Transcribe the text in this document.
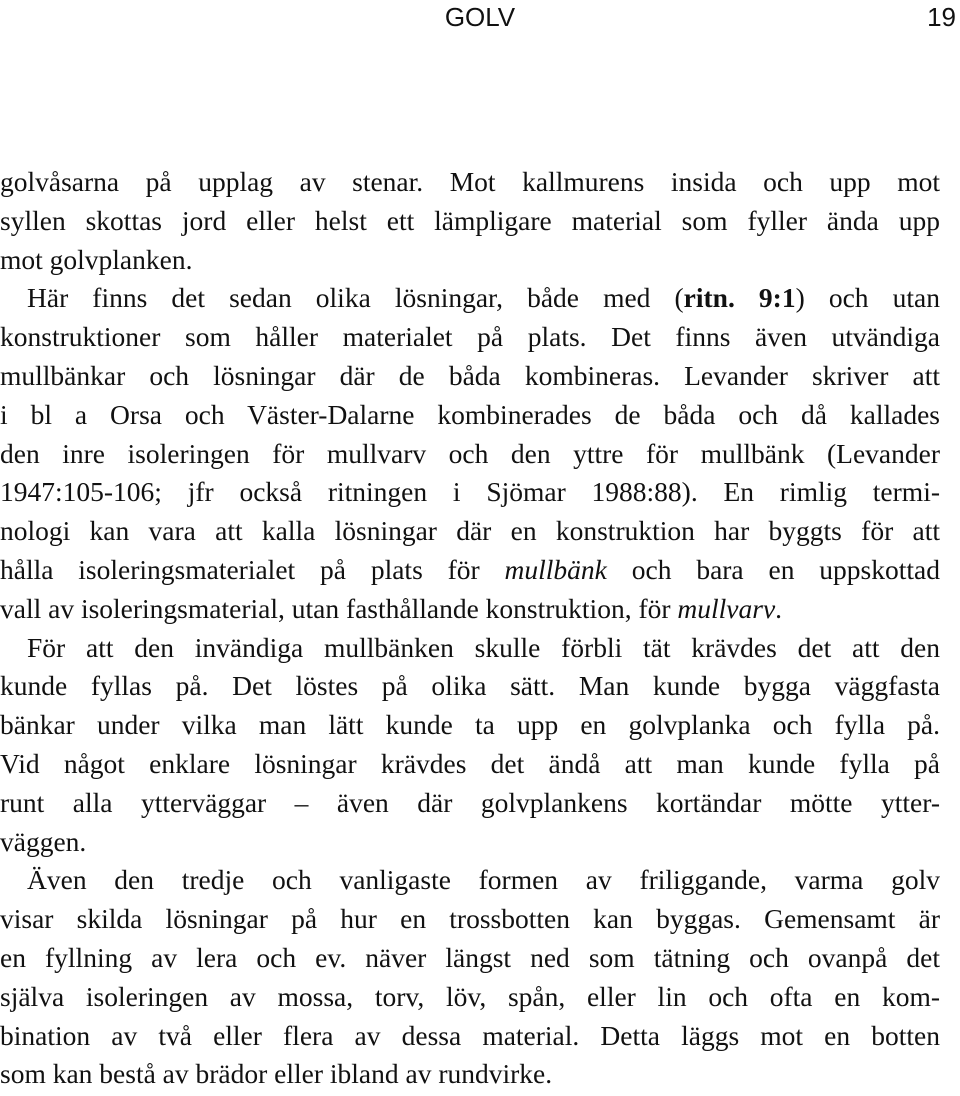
GOLV	19
golvåsarna på upplag av stenar. Mot kallmurens insida och upp mot
syllen skottas jord eller helst ett lämpligare material som fyller ända upp
mot golvplanken.
Här finns det sedan olika lösningar, både med (ritn. 9:1) och utan
konstruktioner som håller materialet på plats. Det finns även utvändiga
mullbänkar och lösningar där de båda kombineras. Levander skriver att
i bl a Orsa och Väster-Dalarne kombinerades de båda och då kallades
den inre isoleringen för mullvarv och den yttre för mullbänk (Levander
1947:105-106; jfr också ritningen i Sjömar 1988:88). En rimlig termi-
nologi kan vara att kalla lösningar där en konstruktion har byggts för att
hålla isoleringsmaterialet på plats för mullbänk och bara en uppskottad
vall av isoleringsmaterial, utan fasthållande konstruktion, för mullvarv.
För att den invändiga mullbänken skulle förbli tät krävdes det att den
kunde fyllas på. Det löstes på olika sätt. Man kunde bygga väggfasta
bänkar under vilka man lätt kunde ta upp en golvplanka och fylla på.
Vid något enklare lösningar krävdes det ändå att man kunde fylla på
runt alla ytterväggar – även där golvplankens kortändar mötte ytter-
väggen.
Även den tredje och vanligaste formen av friliggande, varma golv
visar skilda lösningar på hur en trossbotten kan byggas. Gemensamt är
en fyllning av lera och ev. näver längst ned som tätning och ovanpå det
själva isoleringen av mossa, torv, löv, spån, eller lin och ofta en kom-
bination av två eller flera av dessa material. Detta läggs mot en botten
som kan bestå av brädor eller ibland av rundvirke.
